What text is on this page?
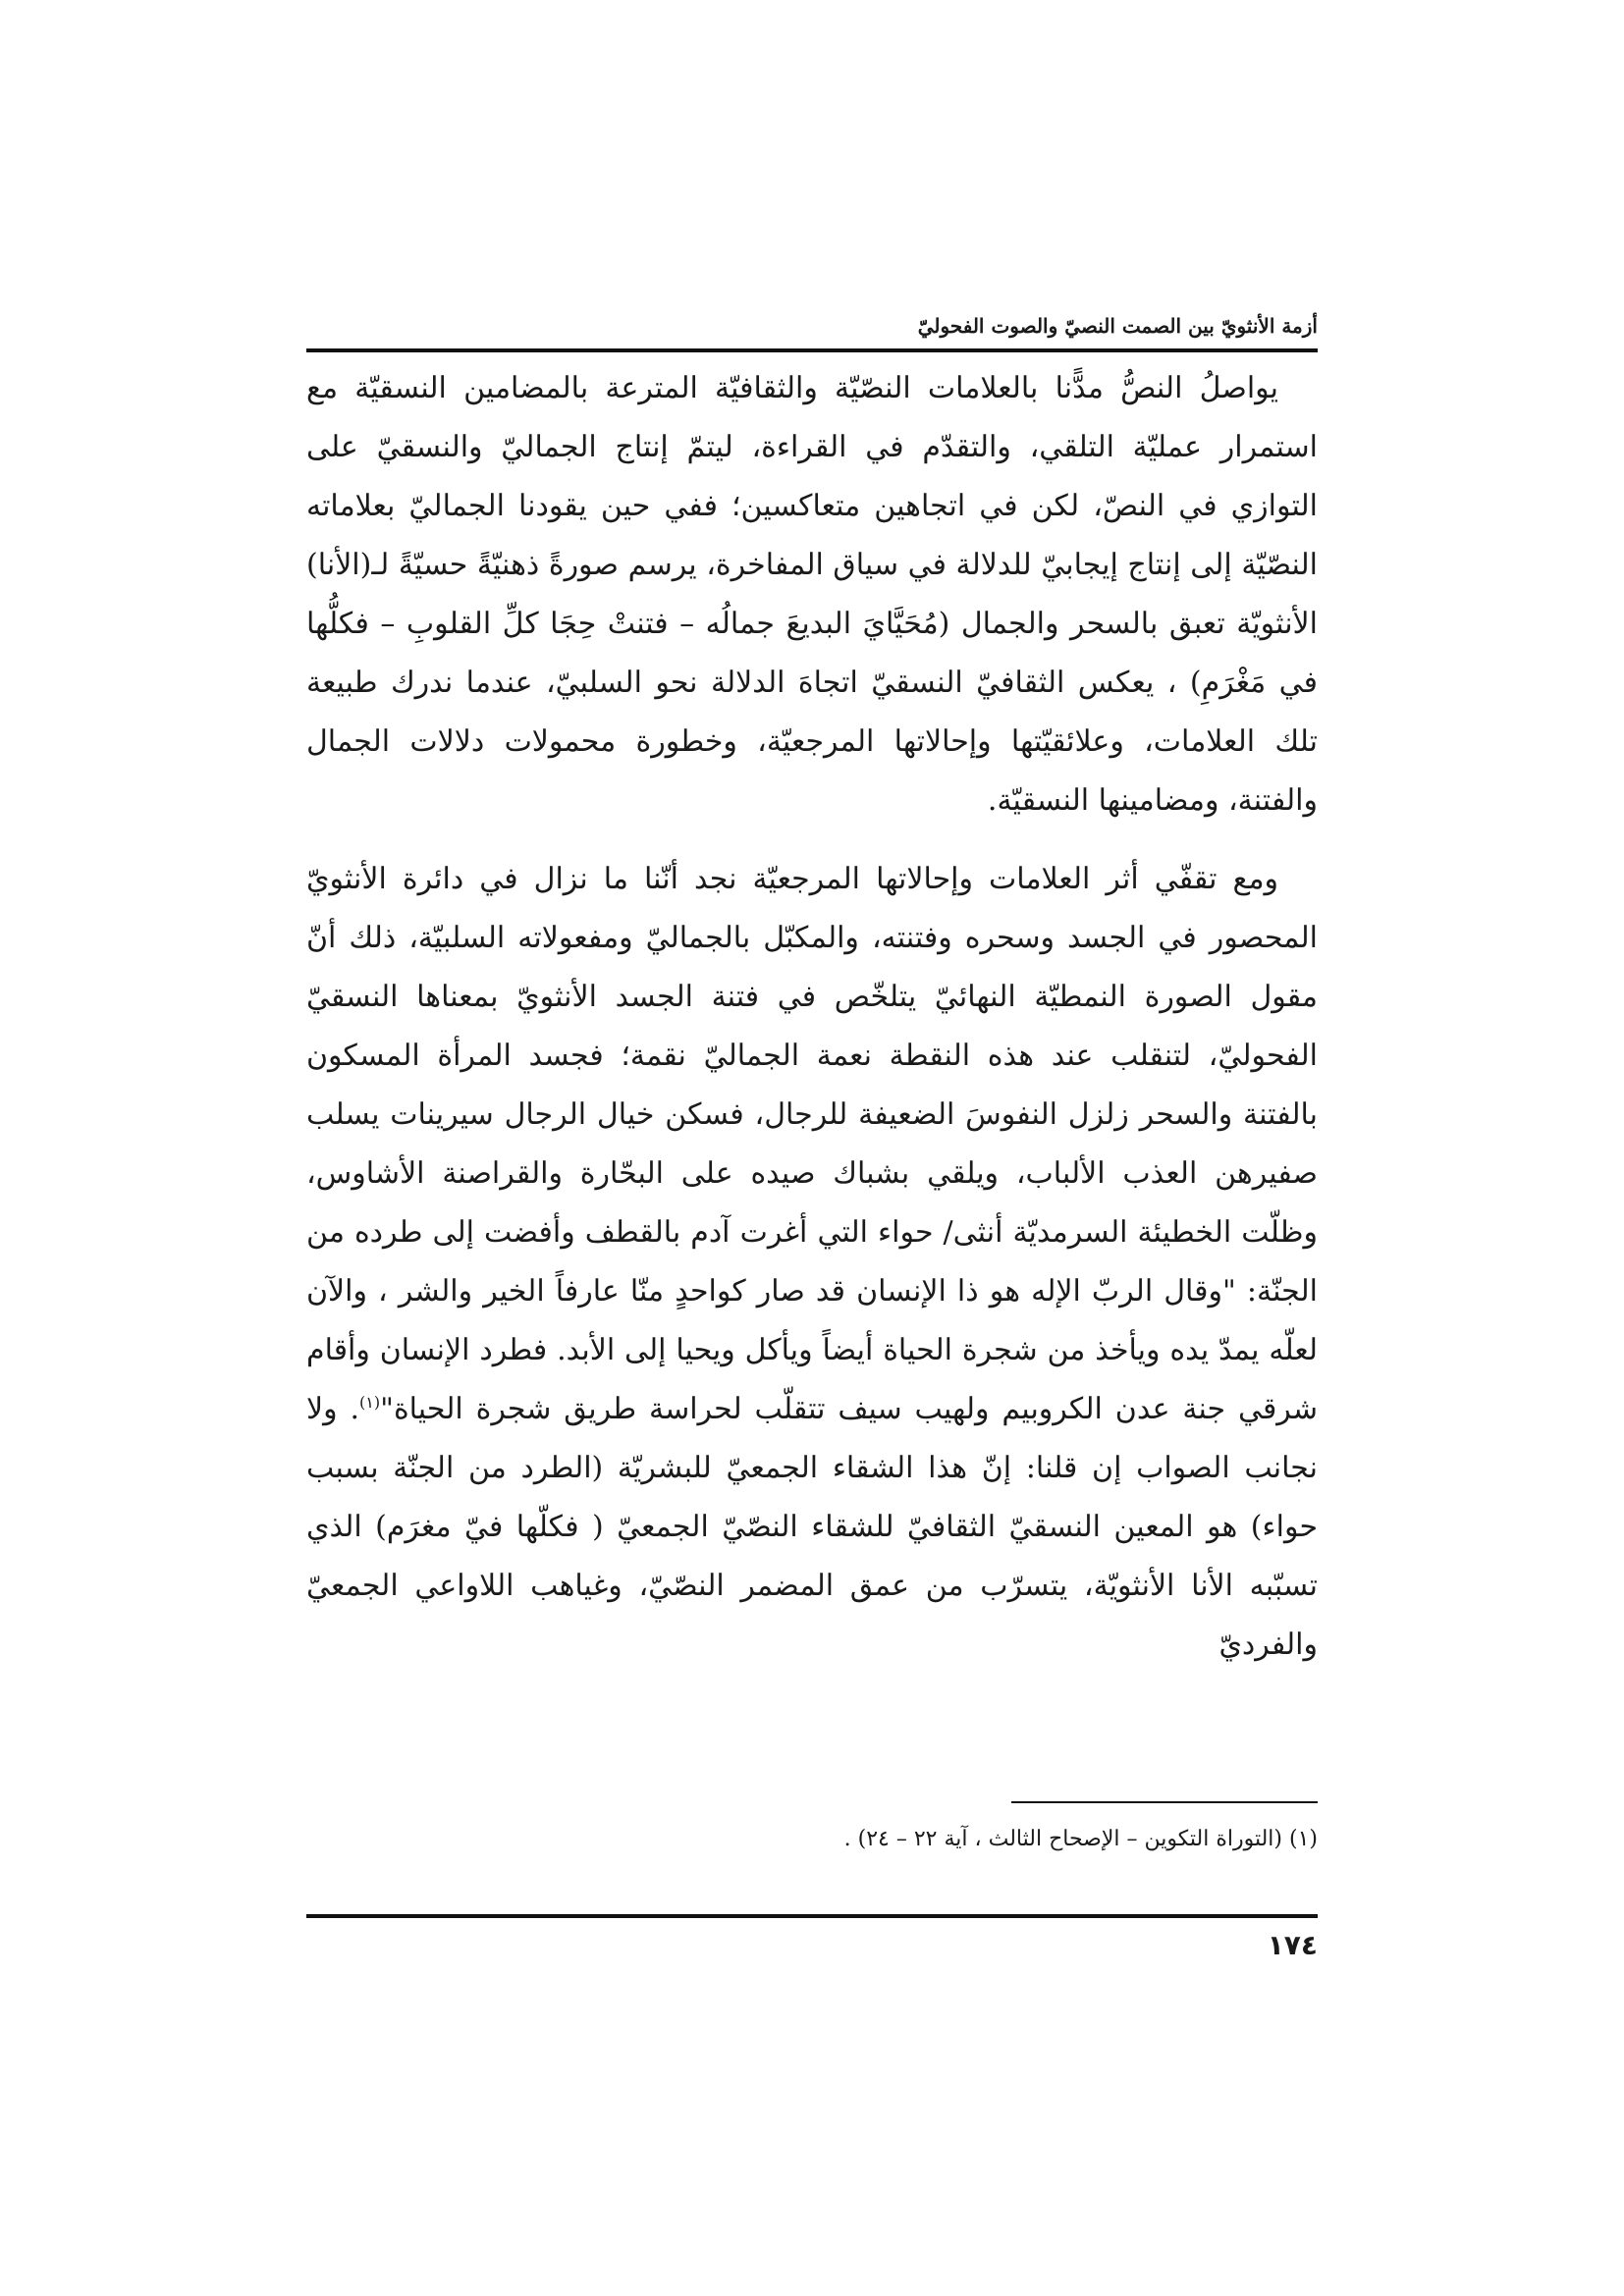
أزمة الأنثويّ بين الصمت النصيّ والصوت الفحوليّ

يواصلُ النصُّ مدًّنا بالعلامات النصّيّة والثقافيّة المترعة بالمضامين النسقيّة مع استمرار عمليّة التلقي، والتقدّم في القراءة، ليتمّ إنتاج الجماليّ والنسقيّ على التوازي في النصّ، لكن في اتجاهين متعاكسين؛ ففي حين يقودنا الجماليّ بعلاماته النصّيّة إلى إنتاج إيجابيّ للدلالة في سياق المفاخرة، يرسم صورةً ذهنيّةً حسيّةً لـ(الأنا) الأنثويّة تعبق بالسحر والجمال (مُحَيَّايَ البديعَ جمالُه – فتنتْ حِجَا كلِّ القلوبِ – فكلُّها في مَغْرَمِ) ، يعكس الثقافيّ النسقيّ اتجاهَ الدلالة نحو السلبيّ، عندما ندرك طبيعة تلك العلامات، وعلائقيّتها وإحالاتها المرجعيّة، وخطورة محمولات دلالات الجمال والفتنة، ومضامينها النسقيّة.

ومع تقفّي أثر العلامات وإحالاتها المرجعيّة نجد أنّنا ما نزال في دائرة الأنثويّ المحصور في الجسد وسحره وفتنته، والمكبّل بالجماليّ ومفعولاته السلبيّة، ذلك أنّ مقول الصورة النمطيّة النهائيّ يتلخّص في فتنة الجسد الأنثويّ بمعناها النسقيّ الفحوليّ، لتنقلب عند هذه النقطة نعمة الجماليّ نقمة؛ فجسد المرأة المسكون بالفتنة والسحر زلزل النفوسَ الضعيفة للرجال، فسكن خيال الرجال سيرينات يسلب صفيرهن العذب الألباب، ويلقي بشباك صيده على البحّارة والقراصنة الأشاوس، وظلّت الخطيئة السرمديّة أنثى/ حواء التي أغرت آدم بالقطف وأفضت إلى طرده من الجنّة: "وقال الربّ الإله هو ذا الإنسان قد صار كواحدٍ منّا عارفاً الخير والشر ، والآن لعلّه يمدّ يده ويأخذ من شجرة الحياة أيضاً ويأكل ويحيا إلى الأبد. فطرد الإنسان وأقام شرقي جنة عدن الكروبيم ولهيب سيف تتقلّب لحراسة طريق شجرة الحياة"$^{(١)}$. ولا نجانب الصواب إن قلنا: إنّ هذا الشقاء الجمعيّ للبشريّة (الطرد من الجنّة بسبب حواء) هو المعين النسقيّ الثقافيّ للشقاء النصّيّ الجمعيّ ( فكلّها فيّ مغرَم) الذي تسبّبه الأنا الأنثويّة، يتسرّب من عمق المضمر النصّيّ، وغياهب اللاواعي الجمعيّ والفرديّ

(١) (التوراة التكوين – الإصحاح الثالث ، آية ٢٢ – ٢٤) .
١٧٤
